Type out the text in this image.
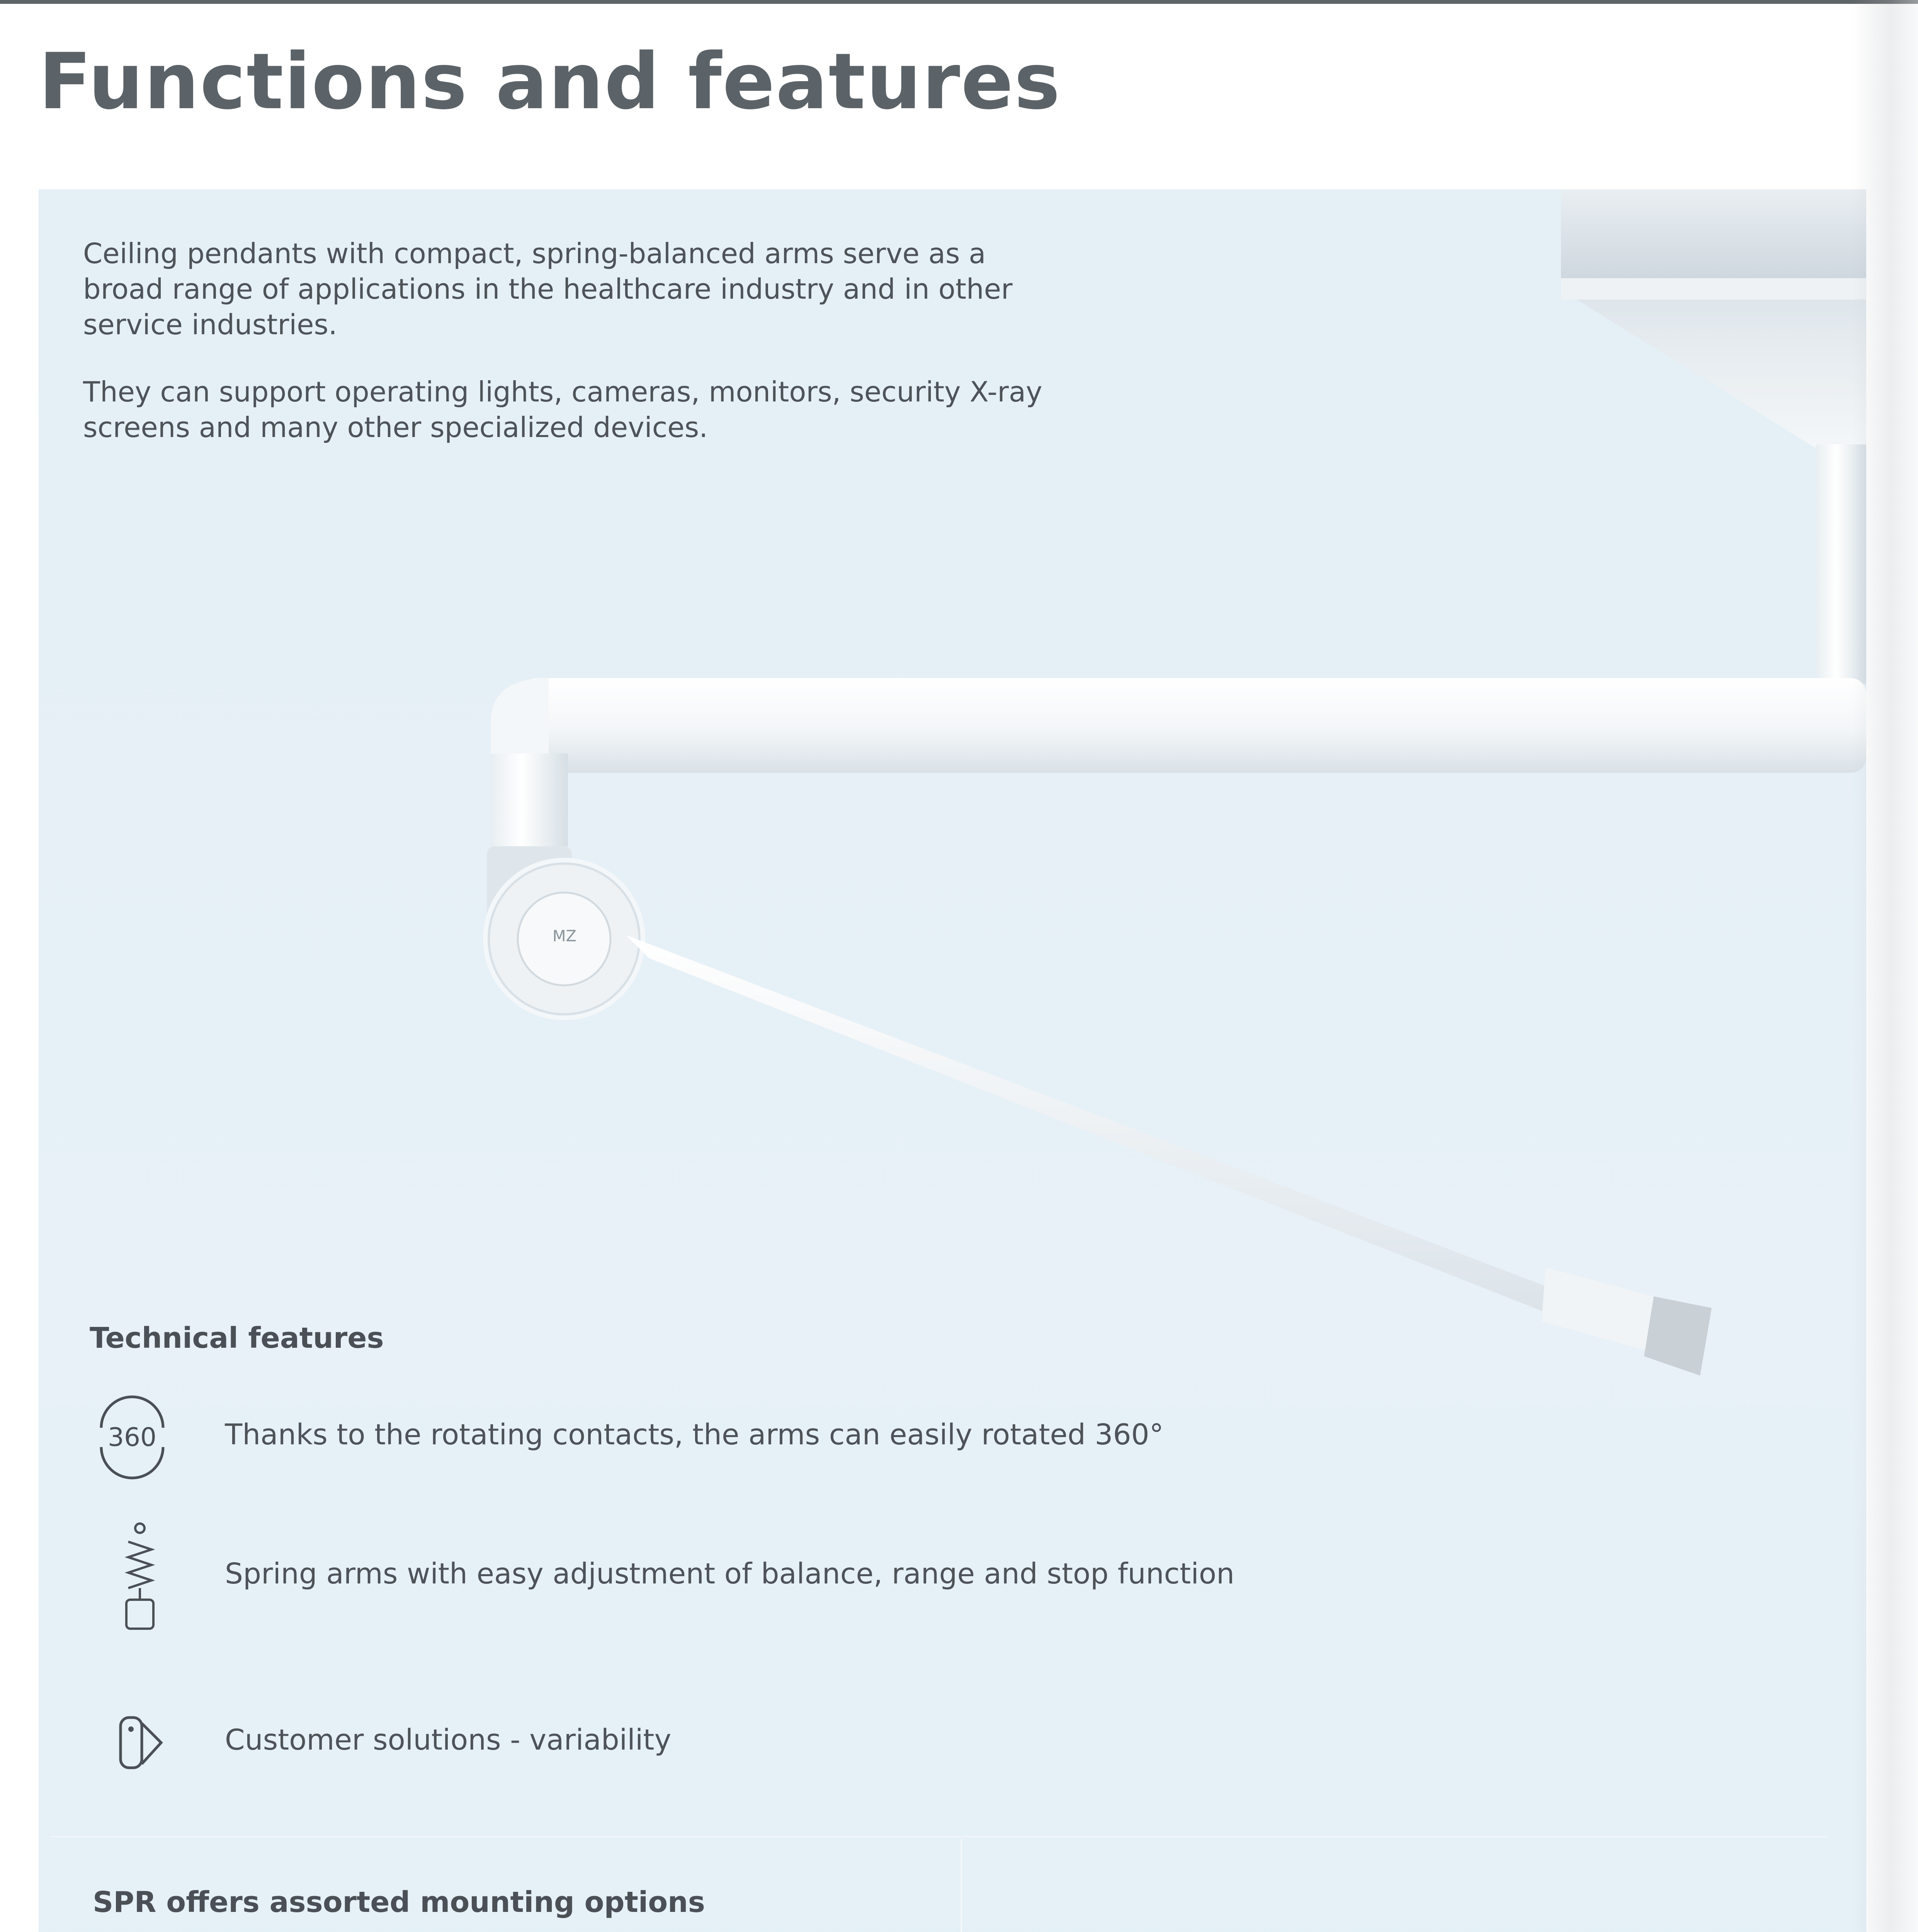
Functions and features
MZ

Ceiling pendants with compact, spring-balanced arms serve as a broad range of applications in the healthcare industry and in other service industries.

They can support operating lights, cameras, monitors, security X-ray screens and many other specialized devices.

Technical features
360 Thanks to the rotating contacts, the arms can easily rotated 360°
Spring arms with easy adjustment of balance, range and stop function
Customer solutions - variability
SPR offers assorted mounting options
